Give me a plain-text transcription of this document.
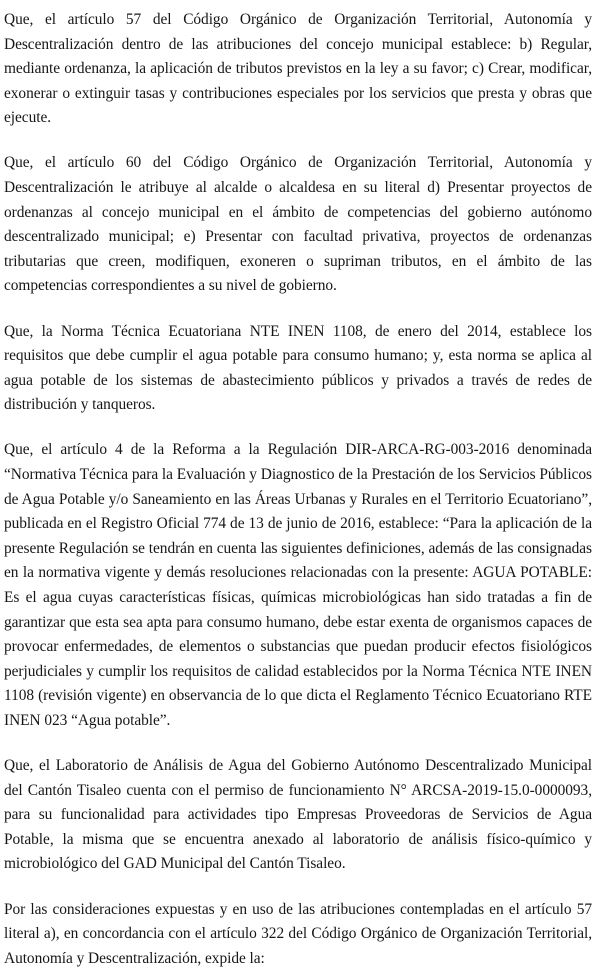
Que, el artículo 57 del Código Orgánico de Organización Territorial, Autonomía y Descentralización dentro de las atribuciones del concejo municipal establece: b) Regular, mediante ordenanza, la aplicación de tributos previstos en la ley a su favor; c) Crear, modificar, exonerar o extinguir tasas y contribuciones especiales por los servicios que presta y obras que ejecute.

Que, el artículo 60 del Código Orgánico de Organización Territorial, Autonomía y Descentralización le atribuye al alcalde o alcaldesa en su literal d) Presentar proyectos de ordenanzas al concejo municipal en el ámbito de competencias del gobierno autónomo descentralizado municipal; e) Presentar con facultad privativa, proyectos de ordenanzas tributarias que creen, modifiquen, exoneren o supriman tributos, en el ámbito de las competencias correspondientes a su nivel de gobierno.

Que, la Norma Técnica Ecuatoriana NTE INEN 1108, de enero del 2014, establece los requisitos que debe cumplir el agua potable para consumo humano; y, esta norma se aplica al agua potable de los sistemas de abastecimiento públicos y privados a través de redes de distribución y tanqueros.

Que, el artículo 4 de la Reforma a la Regulación DIR-ARCA-RG-003-2016 denominada “Normativa Técnica para la Evaluación y Diagnostico de la Prestación de los Servicios Públicos de Agua Potable y/o Saneamiento en las Áreas Urbanas y Rurales en el Territorio Ecuatoriano”, publicada en el Registro Oficial 774 de 13 de junio de 2016, establece: “Para la aplicación de la presente Regulación se tendrán en cuenta las siguientes definiciones, además de las consignadas en la normativa vigente y demás resoluciones relacionadas con la presente: AGUA POTABLE: Es el agua cuyas características físicas, químicas microbiológicas han sido tratadas a fin de garantizar que esta sea apta para consumo humano, debe estar exenta de organismos capaces de provocar enfermedades, de elementos o substancias que puedan producir efectos fisiológicos perjudiciales y cumplir los requisitos de calidad establecidos por la Norma Técnica NTE INEN 1108 (revisión vigente) en observancia de lo que dicta el Reglamento Técnico Ecuatoriano RTE INEN 023 “Agua potable”.

Que, el Laboratorio de Análisis de Agua del Gobierno Autónomo Descentralizado Municipal del Cantón Tisaleo cuenta con el permiso de funcionamiento N° ARCSA-2019-15.0-0000093, para su funcionalidad para actividades tipo Empresas Proveedoras de Servicios de Agua Potable, la misma que se encuentra anexado al laboratorio de análisis físico-químico y microbiológico del GAD Municipal del Cantón Tisaleo.

Por las consideraciones expuestas y en uso de las atribuciones contempladas en el artículo 57 literal a), en concordancia con el artículo 322 del Código Orgánico de Organización Territorial, Autonomía y Descentralización, expide la:
